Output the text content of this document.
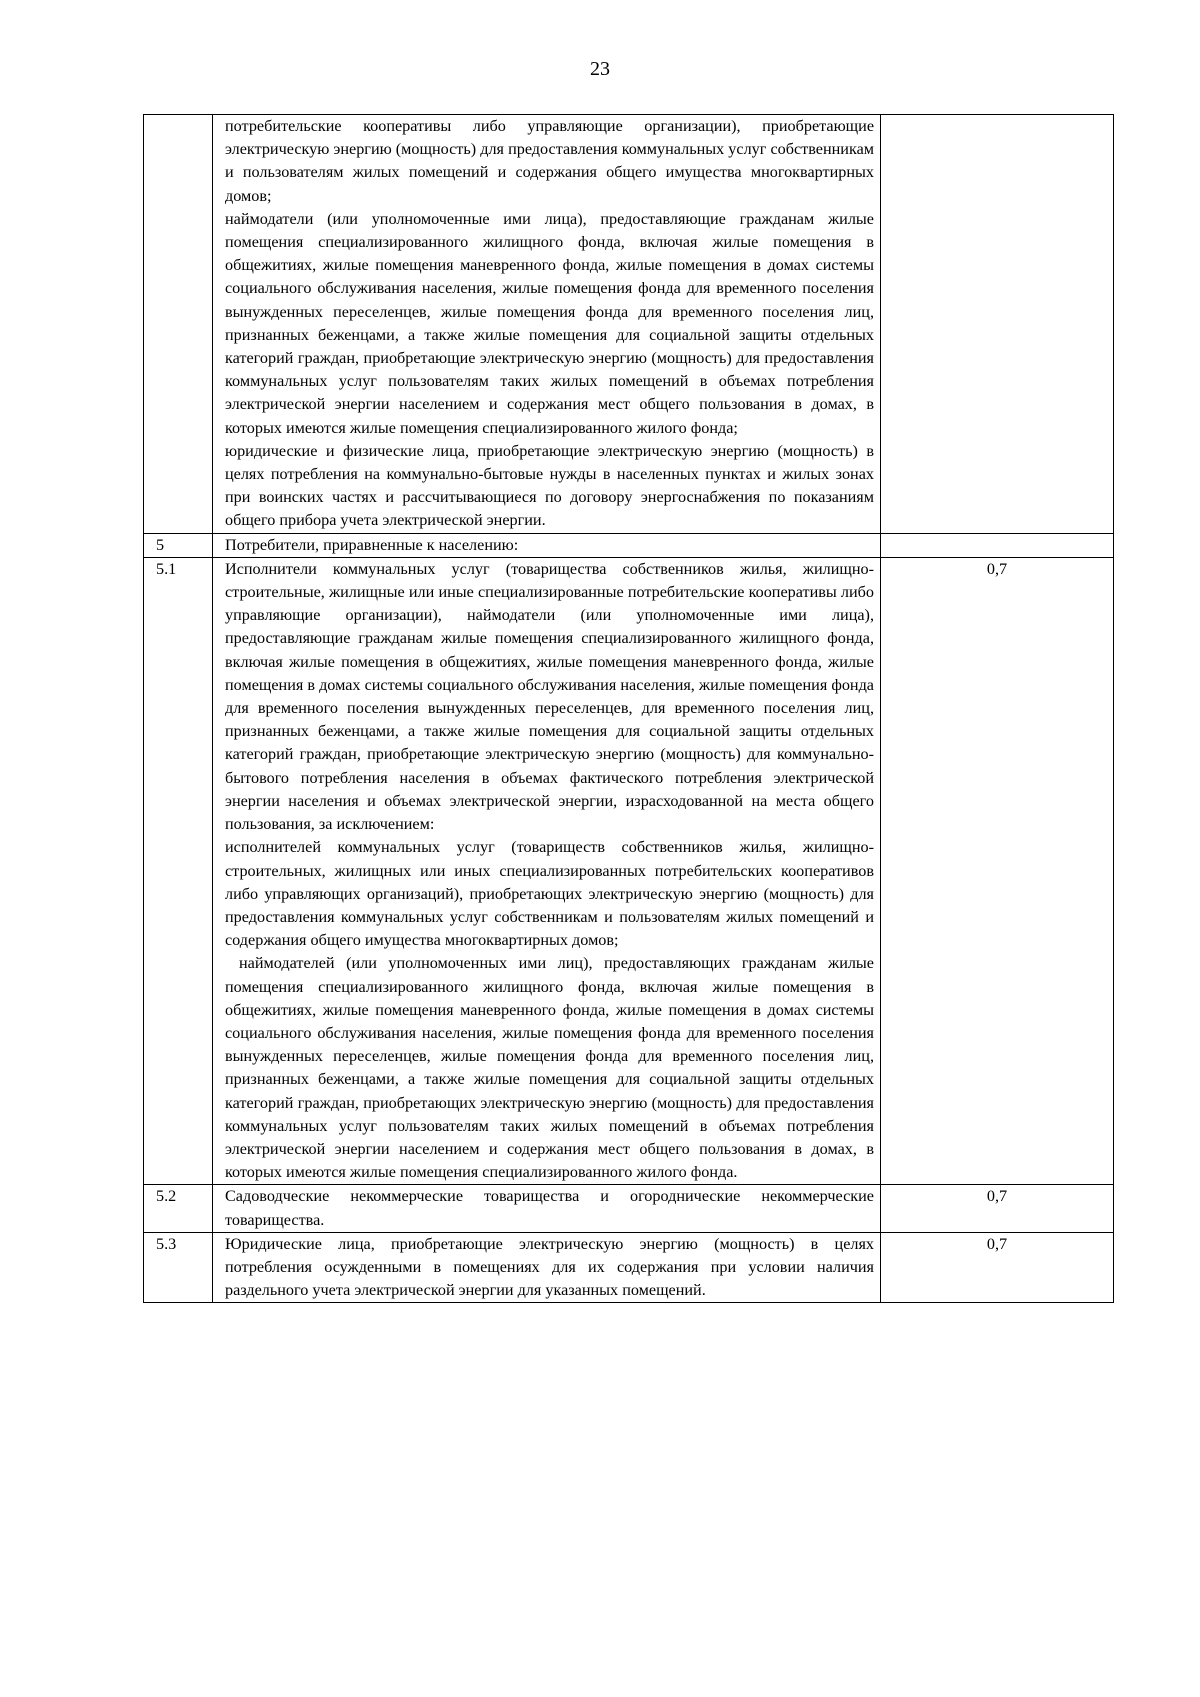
23

	потребительские кооперативы либо управляющие организации), приобретающие электрическую энергию (мощность) для предоставления коммунальных услуг собственникам и пользователям жилых помещений и содержания общего имущества многоквартирных домов;
наймодатели (или уполномоченные ими лица), предоставляющие гражданам жилые помещения специализированного жилищного фонда, включая жилые помещения в общежитиях, жилые помещения маневренного фонда, жилые помещения в домах системы социального обслуживания населения, жилые помещения фонда для временного поселения вынужденных переселенцев, жилые помещения фонда для временного поселения лиц, признанных беженцами, а также жилые помещения для социальной защиты отдельных категорий граждан, приобретающие электрическую энергию (мощность) для предоставления коммунальных услуг пользователям таких жилых помещений в объемах потребления электрической энергии населением и содержания мест общего пользования в домах, в которых имеются жилые помещения специализированного жилого фонда;
юридические и физические лица, приобретающие электрическую энергию (мощность) в целях потребления на коммунально-бытовые нужды в населенных пунктах и жилых зонах при воинских частях и рассчитывающиеся по договору энергоснабжения по показаниям общего прибора учета электрической энергии.	

5	Потребители, приравненные к населению:	

5.1	Исполнители коммунальных услуг (товарищества собственников жилья, жилищно-строительные, жилищные или иные специализированные потребительские кооперативы либо управляющие организации), наймодатели (или уполномоченные ими лица), предоставляющие гражданам жилые помещения специализированного жилищного фонда, включая жилые помещения в общежитиях, жилые помещения маневренного фонда, жилые помещения в домах системы социального обслуживания населения, жилые помещения фонда для временного поселения вынужденных переселенцев, для временного поселения лиц, признанных беженцами, а также жилые помещения для социальной защиты отдельных категорий граждан, приобретающие электрическую энергию (мощность) для коммунально-бытового потребления населения в объемах фактического потребления электрической энергии населения и объемах электрической энергии, израсходованной на места общего пользования, за исключением:
исполнителей коммунальных услуг (товариществ собственников жилья, жилищно-строительных, жилищных или иных специализированных потребительских кооперативов либо управляющих организаций), приобретающих электрическую энергию (мощность) для предоставления коммунальных услуг собственникам и пользователям жилых помещений и содержания общего имущества многоквартирных домов;
наймодателей (или уполномоченных ими лиц), предоставляющих гражданам жилые помещения специализированного жилищного фонда, включая жилые помещения в общежитиях, жилые помещения маневренного фонда, жилые помещения в домах системы социального обслуживания населения, жилые помещения фонда для временного поселения вынужденных переселенцев, жилые помещения фонда для временного поселения лиц, признанных беженцами, а также жилые помещения для социальной защиты отдельных категорий граждан, приобретающих электрическую энергию (мощность) для предоставления коммунальных услуг пользователям таких жилых помещений в объемах потребления электрической энергии населением и содержания мест общего пользования в домах, в которых имеются жилые помещения специализированного жилого фонда.	0,7
5.2	Садоводческие некоммерческие товарищества и огороднические некоммерческие товарищества.	0,7
5.3	Юридические лица, приобретающие электрическую энергию (мощность) в целях потребления осужденными в помещениях для их содержания при условии наличия раздельного учета электрической энергии для указанных помещений.	0,7
